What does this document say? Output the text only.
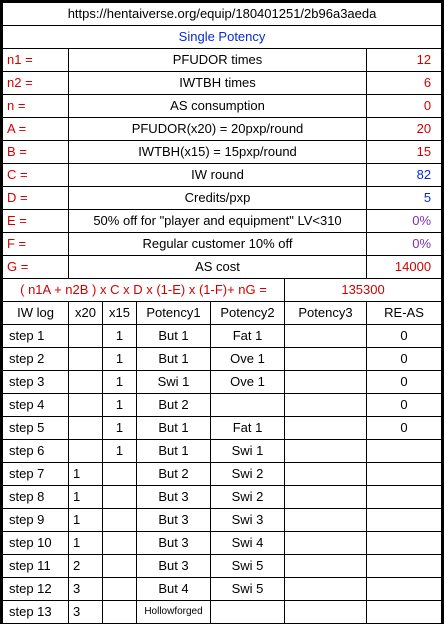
https://hentaiverse.org/equip/180401251/2b96a3aeda						
Single Potency						
n1 =	PFUDOR times					12
n2 =	IWTBH times					6
n =	AS consumption					0
A =	PFUDOR(x20) = 20pxp/round					20
B =	IWTBH(x15) = 15pxp/round					15
C =	IW round					82
D =	Credits/pxp					5
E =	50% off for "player and equipment" LV<310					0%
F =	Regular customer 10% off					0%
G =	AS cost					14000
( n1A + n2B ) x C x D x (1-E) x (1-F)+ nG =					135300	
IW log	x20	x15	Potency1	Potency2	Potency3	RE-AS
step 1		1	But 1	Fat 1		0
step 2		1	But 1	Ove 1		0
step 3		1	Swi 1	Ove 1		0
step 4		1	But 2			0
step 5		1	But 1	Fat 1		0
step 6		1	But 1	Swi 1		
step 7	1		But 2	Swi 2		
step 8	1		But 3	Swi 2		
step 9	1		But 3	Swi 3		
step 10	1		But 3	Swi 4		
step 11	2		But 3	Swi 5		
step 12	3		But 4	Swi 5		
step 13	3		Hollowforged			
